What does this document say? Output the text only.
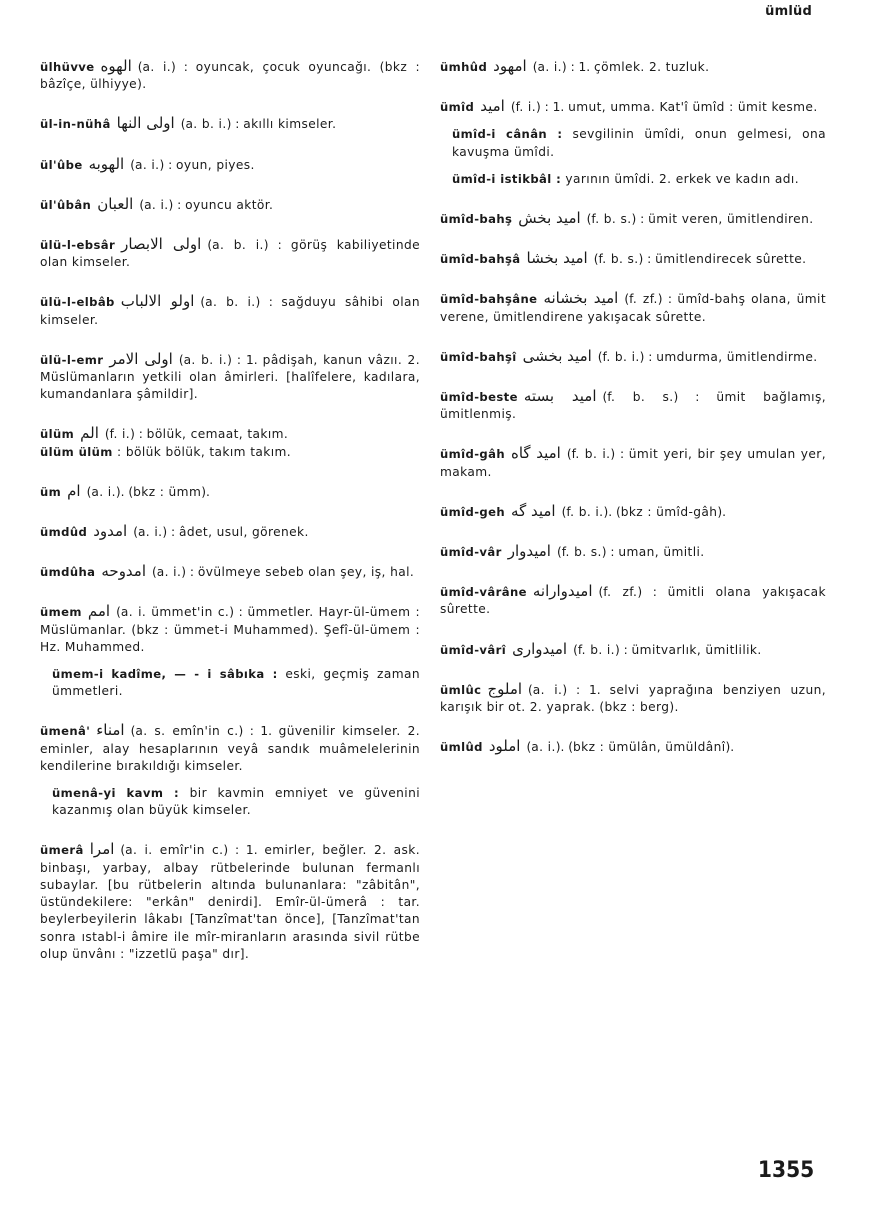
ümlüd

ülhüvve الهوه (a. i.) : oyuncak, çocuk oyuncağı. (bkz : bâzîçe, ülhiyye).

ül-in-nühâ اولى النها (a. b. i.) : akıllı kimseler.

ül'ûbe الهوبه (a. i.) : oyun, piyes.

ül'ûbân العبان (a. i.) : oyuncu aktör.

ülü-l-ebsâr اولى الابصار (a. b. i.) : görüş kabiliyetinde olan kimseler.

ülü-l-elbâb اولو الالباب (a. b. i.) : sağduyu sâhibi olan kimseler.

ülü-l-emr اولى الامر (a. b. i.) : 1. pâdişah, kanun vâzıı. 2. Müslümanların yetkili olan âmirleri. [halîfelere, kadılara, kumandanlara şâmildir].

ülüm الم (f. i.) : bölük, cemaat, takım.

ülüm ülüm : bölük bölük, takım takım.

üm ام (a. i.). (bkz : ümm).

ümdûd امدود (a. i.) : âdet, usul, görenek.

ümdûha امدوحه (a. i.) : övülmeye sebeb olan şey, iş, hal.

ümem امم (a. i. ümmet'in c.) : ümmetler. Hayr-ül-ümem : Müslümanlar. (bkz : ümmet-i Muhammed). Şefî-ül-ümem : Hz. Muhammed.

ümem-i kadîme, — - i sâbıka : eski, geçmiş zaman ümmetleri.

ümenâ' امناء (a. s. emîn'in c.) : 1. güvenilir kimseler. 2. eminler, alay hesaplarının veyâ sandık muâmelelerinin kendilerine bırakıldığı kimseler.

ümenâ-yi kavm : bir kavmin emniyet ve güvenini kazanmış olan büyük kimseler.

ümerâ امرا (a. i. emîr'in c.) : 1. emirler, beğler. 2. ask. binbaşı, yarbay, albay rütbelerinde bulunan fermanlı subaylar. [bu rütbelerin altında bulunanlara: "zâbitân", üstündekilere: "erkân" denirdi]. Emîr-ül-ümerâ : tar. beylerbeyilerin lâkabı [Tanzîmat'tan önce], [Tanzîmat'tan sonra ıstabl-i âmire ile mîr-miranların arasında sivil rütbe olup ünvânı : "izzetlü paşa" dır].

ümhûd امهود (a. i.) : 1. çömlek. 2. tuzluk.

ümîd اميد (f. i.) : 1. umut, umma. Kat'î ümîd : ümit kesme.

ümîd-i cânân : sevgilinin ümîdi, onun gelmesi, ona kavuşma ümîdi.

ümîd-i istikbâl : yarının ümîdi. 2. erkek ve kadın adı.

ümîd-bahş اميد بخش (f. b. s.) : ümit veren, ümitlendiren.

ümîd-bahşâ اميد بخشا (f. b. s.) : ümitlendirecek sûrette.

ümîd-bahşâne اميد بخشانه (f. zf.) : ümîd-bahş olana, ümit verene, ümitlendirene yakışacak sûrette.

ümîd-bahşî اميد بخشى (f. b. i.) : umdurma, ümitlendirme.

ümîd-beste اميد بسته (f. b. s.) : ümit bağlamış, ümitlenmiş.

ümîd-gâh اميد گاه (f. b. i.) : ümit yeri, bir şey umulan yer, makam.

ümîd-geh اميد گه (f. b. i.). (bkz : ümîd-gâh).

ümîd-vâr اميدوار (f. b. s.) : uman, ümitli.

ümîd-vârâne اميدوارانه (f. zf.) : ümitli olana yakışacak sûrette.

ümîd-vârî اميدوارى (f. b. i.) : ümitvarlık, ümitlilik.

ümlûc املوج (a. i.) : 1. selvi yaprağına benziyen uzun, karışık bir ot. 2. yaprak. (bkz : berg).

ümlûd املود (a. i.). (bkz : ümülân, ümüldânî).

1355
